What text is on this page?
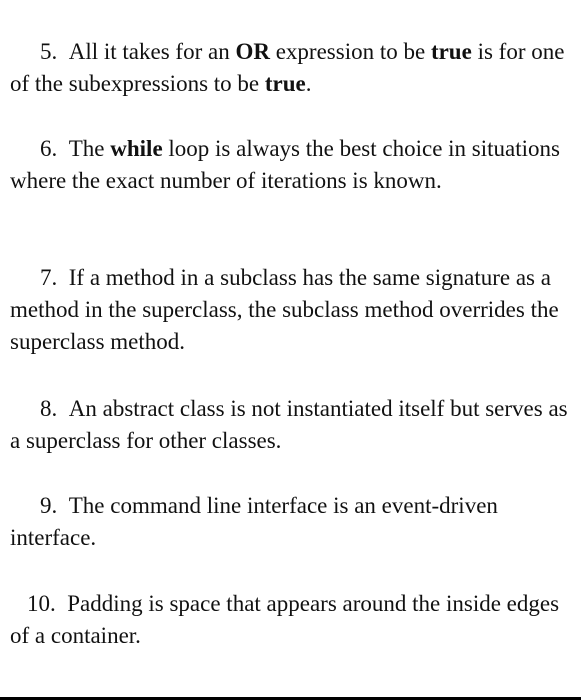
5. All it takes for an OR expression to be true is for one of the subexpressions to be true.

6. The while loop is always the best choice in situations where the exact number of iterations is known.

7. If a method in a subclass has the same signature as a method in the superclass, the subclass method overrides the superclass method.

8. An abstract class is not instantiated itself but serves as a superclass for other classes.

9. The command line interface is an event-driven interface.

10. Padding is space that appears around the inside edges of a container.
